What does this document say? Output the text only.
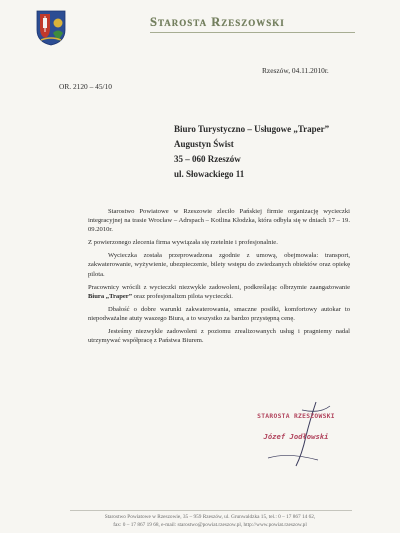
Starosta Rzeszowski
Rzeszów, 04.11.2010r.
OR. 2120 – 45/10
Biuro Turystyczno – Usługowe „Traper”
Augustyn Świst
35 – 060 Rzeszów
ul. Słowackiego 11

Starostwo Powiatowe w Rzeszowie zleciło Pańskiej firmie organizację wycieczki integracyjnej na trasie Wrocław – Adrspach – Kotlina Kłodzka, która odbyła się w dniach 17 – 19. 09.2010r.

Z powierzonego zlecenia firma wywiązała się rzetelnie i profesjonalnie.

Wycieczka została przeprowadzona zgodnie z umową, obejmowała: transport, zakwaterowanie, wyżywienie, ubezpieczenie, bilety wstępu do zwiedzanych obiektów oraz opiekę pilota.

Pracownicy wrócili z wycieczki niezwykle zadowoleni, podkreślając olbrzymie zaangażowanie Biura „Traper” oraz profesjonalizm pilota wycieczki.

Dbałość o dobre warunki zakwaterowania, smaczne posiłki, komfortowy autokar to niepodważalne atuty waszego Biura, a to wszystko za bardzo przystępną cenę.

Jesteśmy niezwykle zadowoleni z poziomu zrealizowanych usług i pragniemy nadal utrzymywać współpracę z Państwa Biurem.

STAROSTA RZESZOWSKI
Józef Jodłowski
Starostwo Powiatowe w Rzeszowie, 35 – 959 Rzeszów, ul. Grunwaldzka 15, tel.: 0 – 17 867 14 62,
fax: 0 – 17 867 19 68, e-mail: starostwo@powiat.rzeszow.pl, http://www.powiat.rzeszow.pl
